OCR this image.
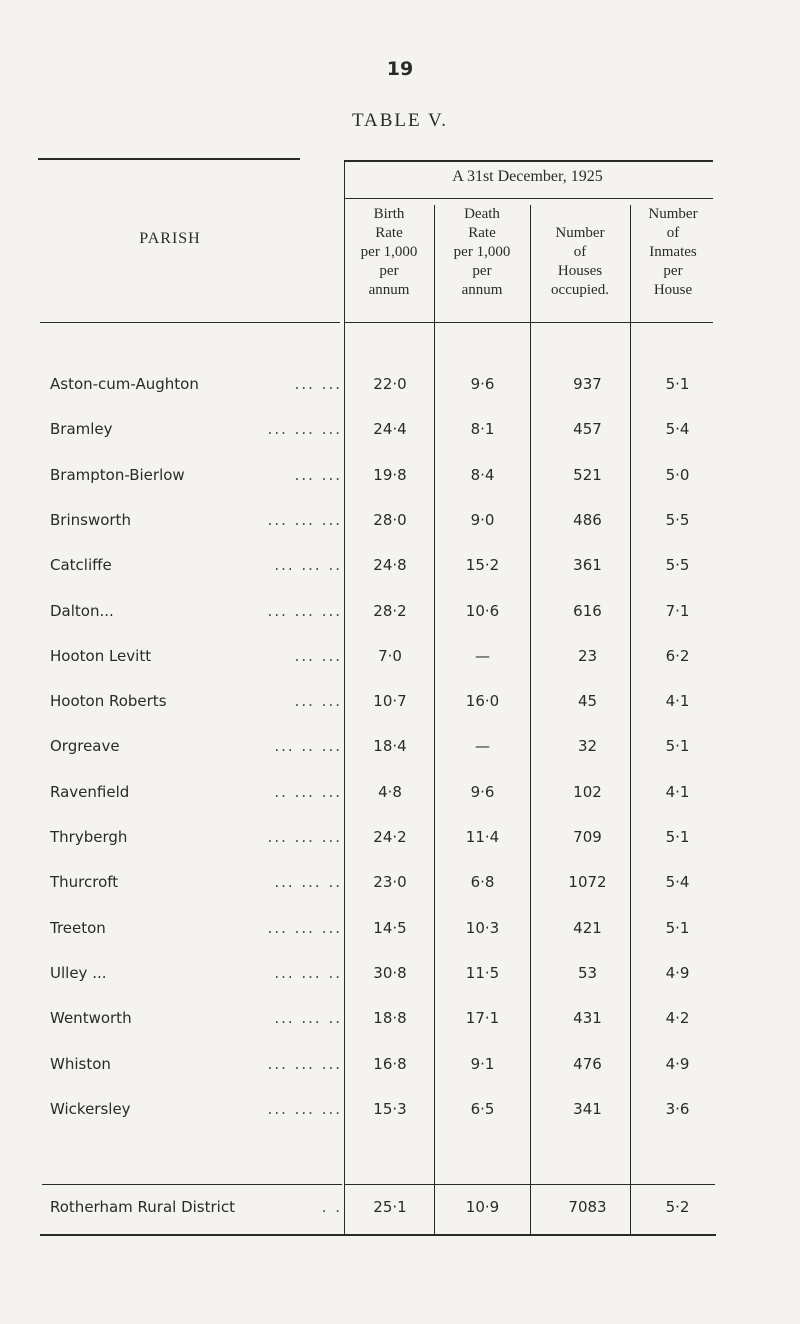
19
TABLE V.
PARISH
A 31st December, 1925
Birth
Rate
per 1,000
per
annum
Death
Rate
per 1,000
per
annum
Number
of
Houses
occupied.
Number
of
Inmates
per
House
Aston-cum-Aughton	... ...	22·0	9·6	937	5·1
Bramley	... ... ...	24·4	8·1	457	5·4
Brampton-Bierlow	... ...	19·8	8·4	521	5·0
Brinsworth	... ... ...	28·0	9·0	486	5·5
Catcliffe	... ... ..	24·8	15·2	361	5·5
Dalton...	... ... ...	28·2	10·6	616	7·1
Hooton Levitt	... ...	7·0	—	23	6·2
Hooton Roberts	... ...	10·7	16·0	45	4·1
Orgreave	... .. ...	18·4	—	32	5·1
Ravenfield	.. ... ...	4·8	9·6	102	4·1
Thrybergh	... ... ...	24·2	11·4	709	5·1
Thurcroft	... ... ..	23·0	6·8	1072	5·4
Treeton	... ... ...	14·5	10·3	421	5·1
Ulley ...	... ... ..	30·8	11·5	53	4·9
Wentworth	... ... ..	18·8	17·1	431	4·2
Whiston	... ... ...	16·8	9·1	476	4·9
Wickersley	... ... ...	15·3	6·5	341	3·6
Rotherham Rural District	. .	25·1	10·9	7083	5·2
